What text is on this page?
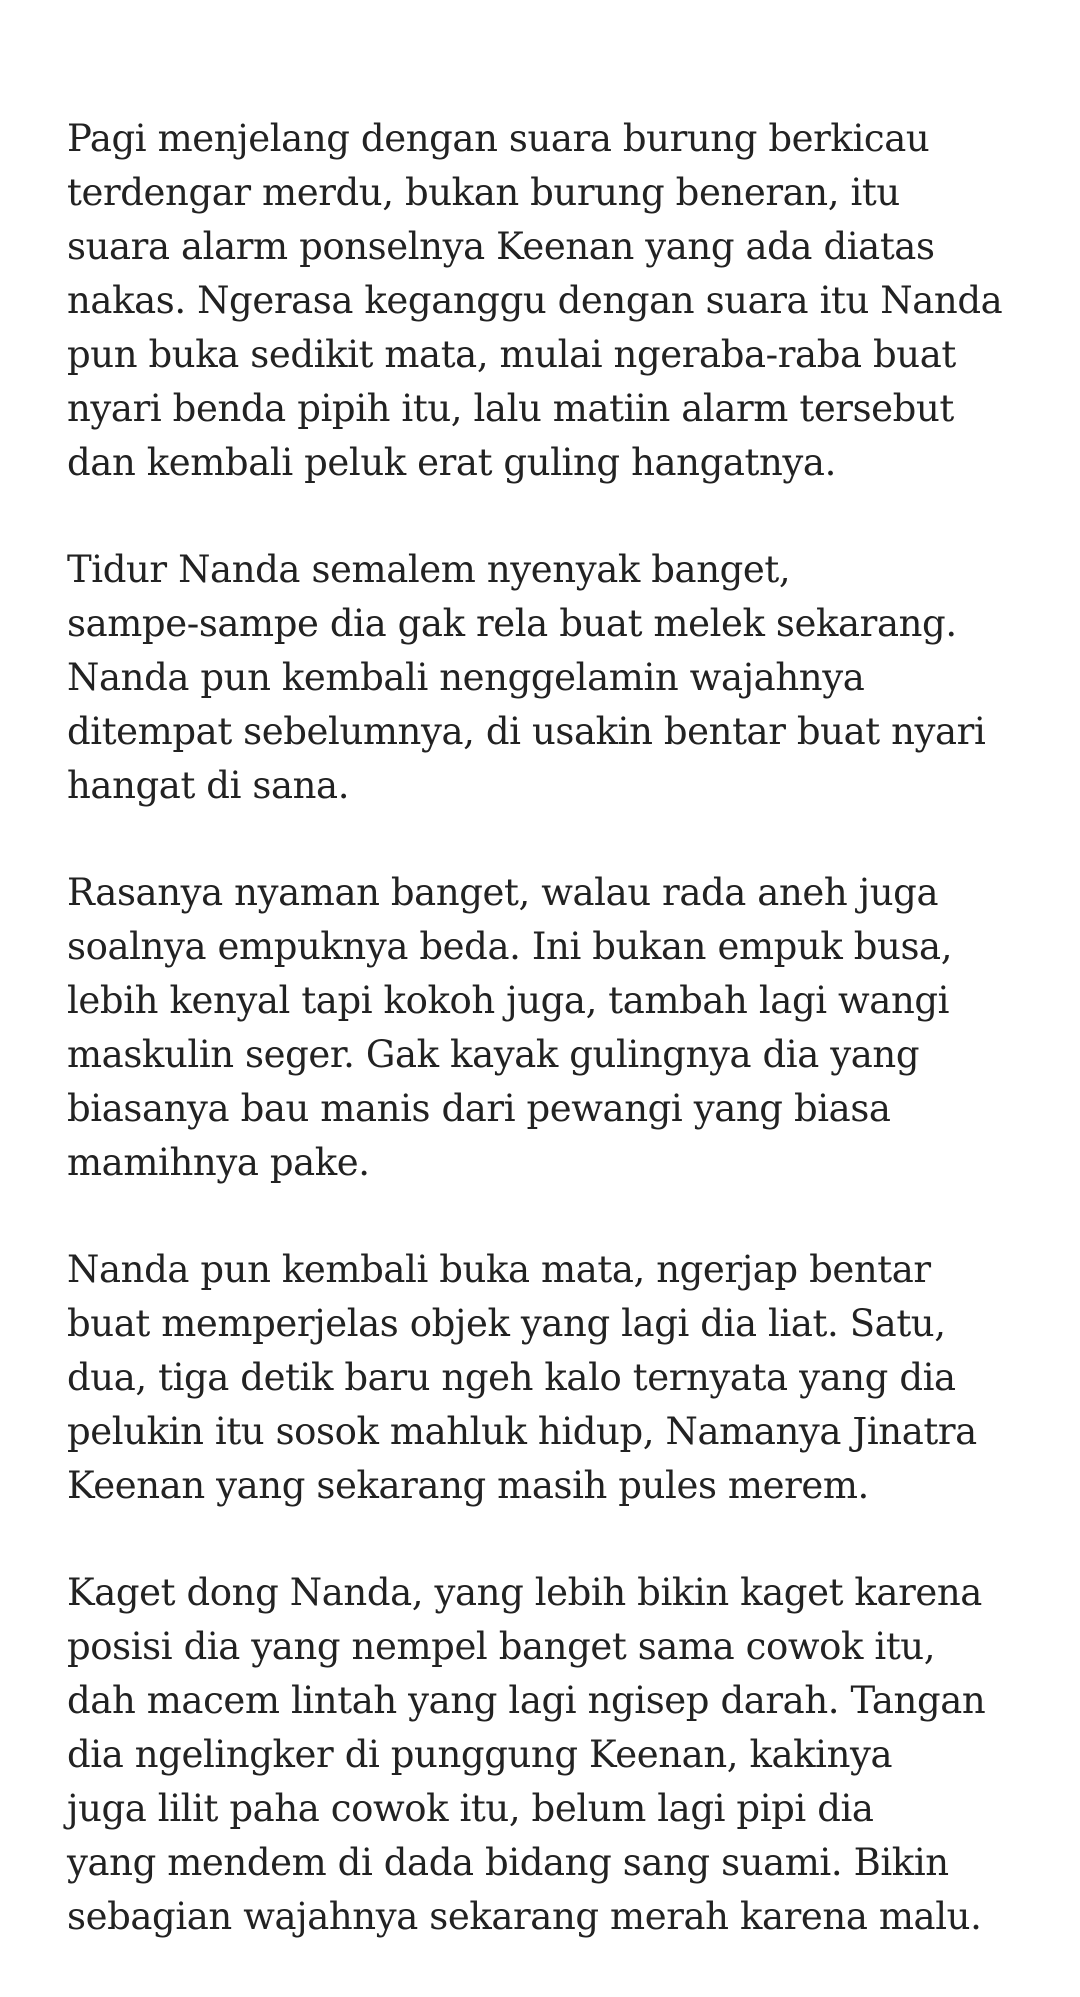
Pagi menjelang dengan suara burung berkicau
terdengar merdu, bukan burung beneran, itu
suara alarm ponselnya Keenan yang ada diatas
nakas. Ngerasa keganggu dengan suara itu Nanda
pun buka sedikit mata, mulai ngeraba-raba buat
nyari benda pipih itu, lalu matiin alarm tersebut
dan kembali peluk erat guling hangatnya.

Tidur Nanda semalem nyenyak banget,
sampe-sampe dia gak rela buat melek sekarang.
Nanda pun kembali nenggelamin wajahnya
ditempat sebelumnya, di usakin bentar buat nyari
hangat di sana.

Rasanya nyaman banget, walau rada aneh juga
soalnya empuknya beda. Ini bukan empuk busa,
lebih kenyal tapi kokoh juga, tambah lagi wangi
maskulin seger. Gak kayak gulingnya dia yang
biasanya bau manis dari pewangi yang biasa
mamihnya pake.

Nanda pun kembali buka mata, ngerjap bentar
buat memperjelas objek yang lagi dia liat. Satu,
dua, tiga detik baru ngeh kalo ternyata yang dia
pelukin itu sosok mahluk hidup, Namanya Jinatra
Keenan yang sekarang masih pules merem.

Kaget dong Nanda, yang lebih bikin kaget karena
posisi dia yang nempel banget sama cowok itu,
dah macem lintah yang lagi ngisep darah. Tangan
dia ngelingker di punggung Keenan, kakinya
juga lilit paha cowok itu, belum lagi pipi dia
yang mendem di dada bidang sang suami. Bikin
sebagian wajahnya sekarang merah karena malu.
